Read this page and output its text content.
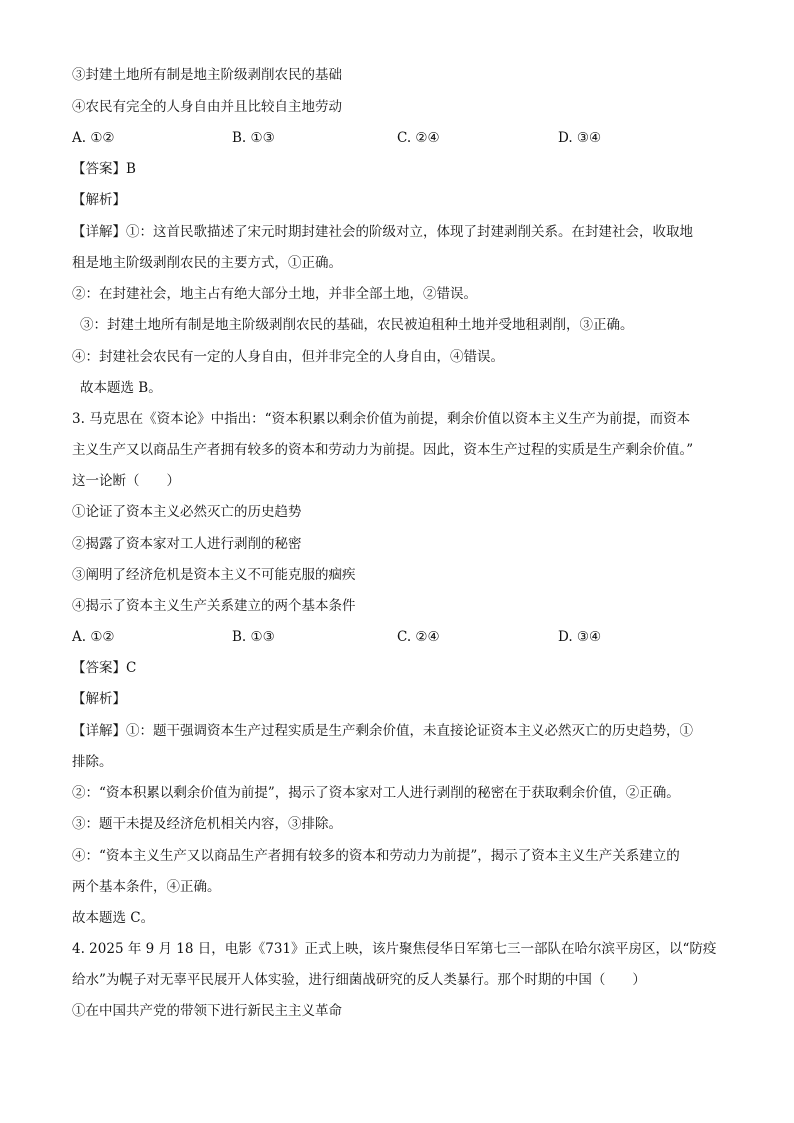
③封建土地所有制是地主阶级剥削农民的基础
④农民有完全的人身自由并且比较自主地劳动
A. ①②	B. ①③	C. ②④	D. ③④
【答案】B
【解析】
【详解】①：这首民歌描述了宋元时期封建社会的阶级对立，体现了封建剥削关系。在封建社会，收取地
租是地主阶级剥削农民的主要方式，①正确。
②：在封建社会，地主占有绝大部分土地，并非全部土地，②错误。
③：封建土地所有制是地主阶级剥削农民的基础，农民被迫租种土地并受地租剥削，③正确。
④：封建社会农民有一定的人身自由，但并非完全的人身自由，④错误。
故本题选 B。
3. 马克思在《资本论》中指出：“资本积累以剩余价值为前提，剩余价值以资本主义生产为前提，而资本
主义生产又以商品生产者拥有较多的资本和劳动力为前提。因此，资本生产过程的实质是生产剩余价值。”
这一论断（　　）
①论证了资本主义必然灭亡的历史趋势
②揭露了资本家对工人进行剥削的秘密
③阐明了经济危机是资本主义不可能克服的痼疾
④揭示了资本主义生产关系建立的两个基本条件
A. ①②	B. ①③	C. ②④	D. ③④
【答案】C
【解析】
【详解】①：题干强调资本生产过程实质是生产剩余价值，未直接论证资本主义必然灭亡的历史趋势，①
排除。
②：“资本积累以剩余价值为前提”，揭示了资本家对工人进行剥削的秘密在于获取剩余价值，②正确。
③：题干未提及经济危机相关内容，③排除。
④：“资本主义生产又以商品生产者拥有较多的资本和劳动力为前提”，揭示了资本主义生产关系建立的
两个基本条件，④正确。
故本题选 C。
4. 2025 年 9 月 18 日，电影《731》正式上映，该片聚焦侵华日军第七三一部队在哈尔滨平房区，以“防疫
给水”为幌子对无辜平民展开人体实验，进行细菌战研究的反人类暴行。那个时期的中国（　　）
①在中国共产党的带领下进行新民主主义革命
